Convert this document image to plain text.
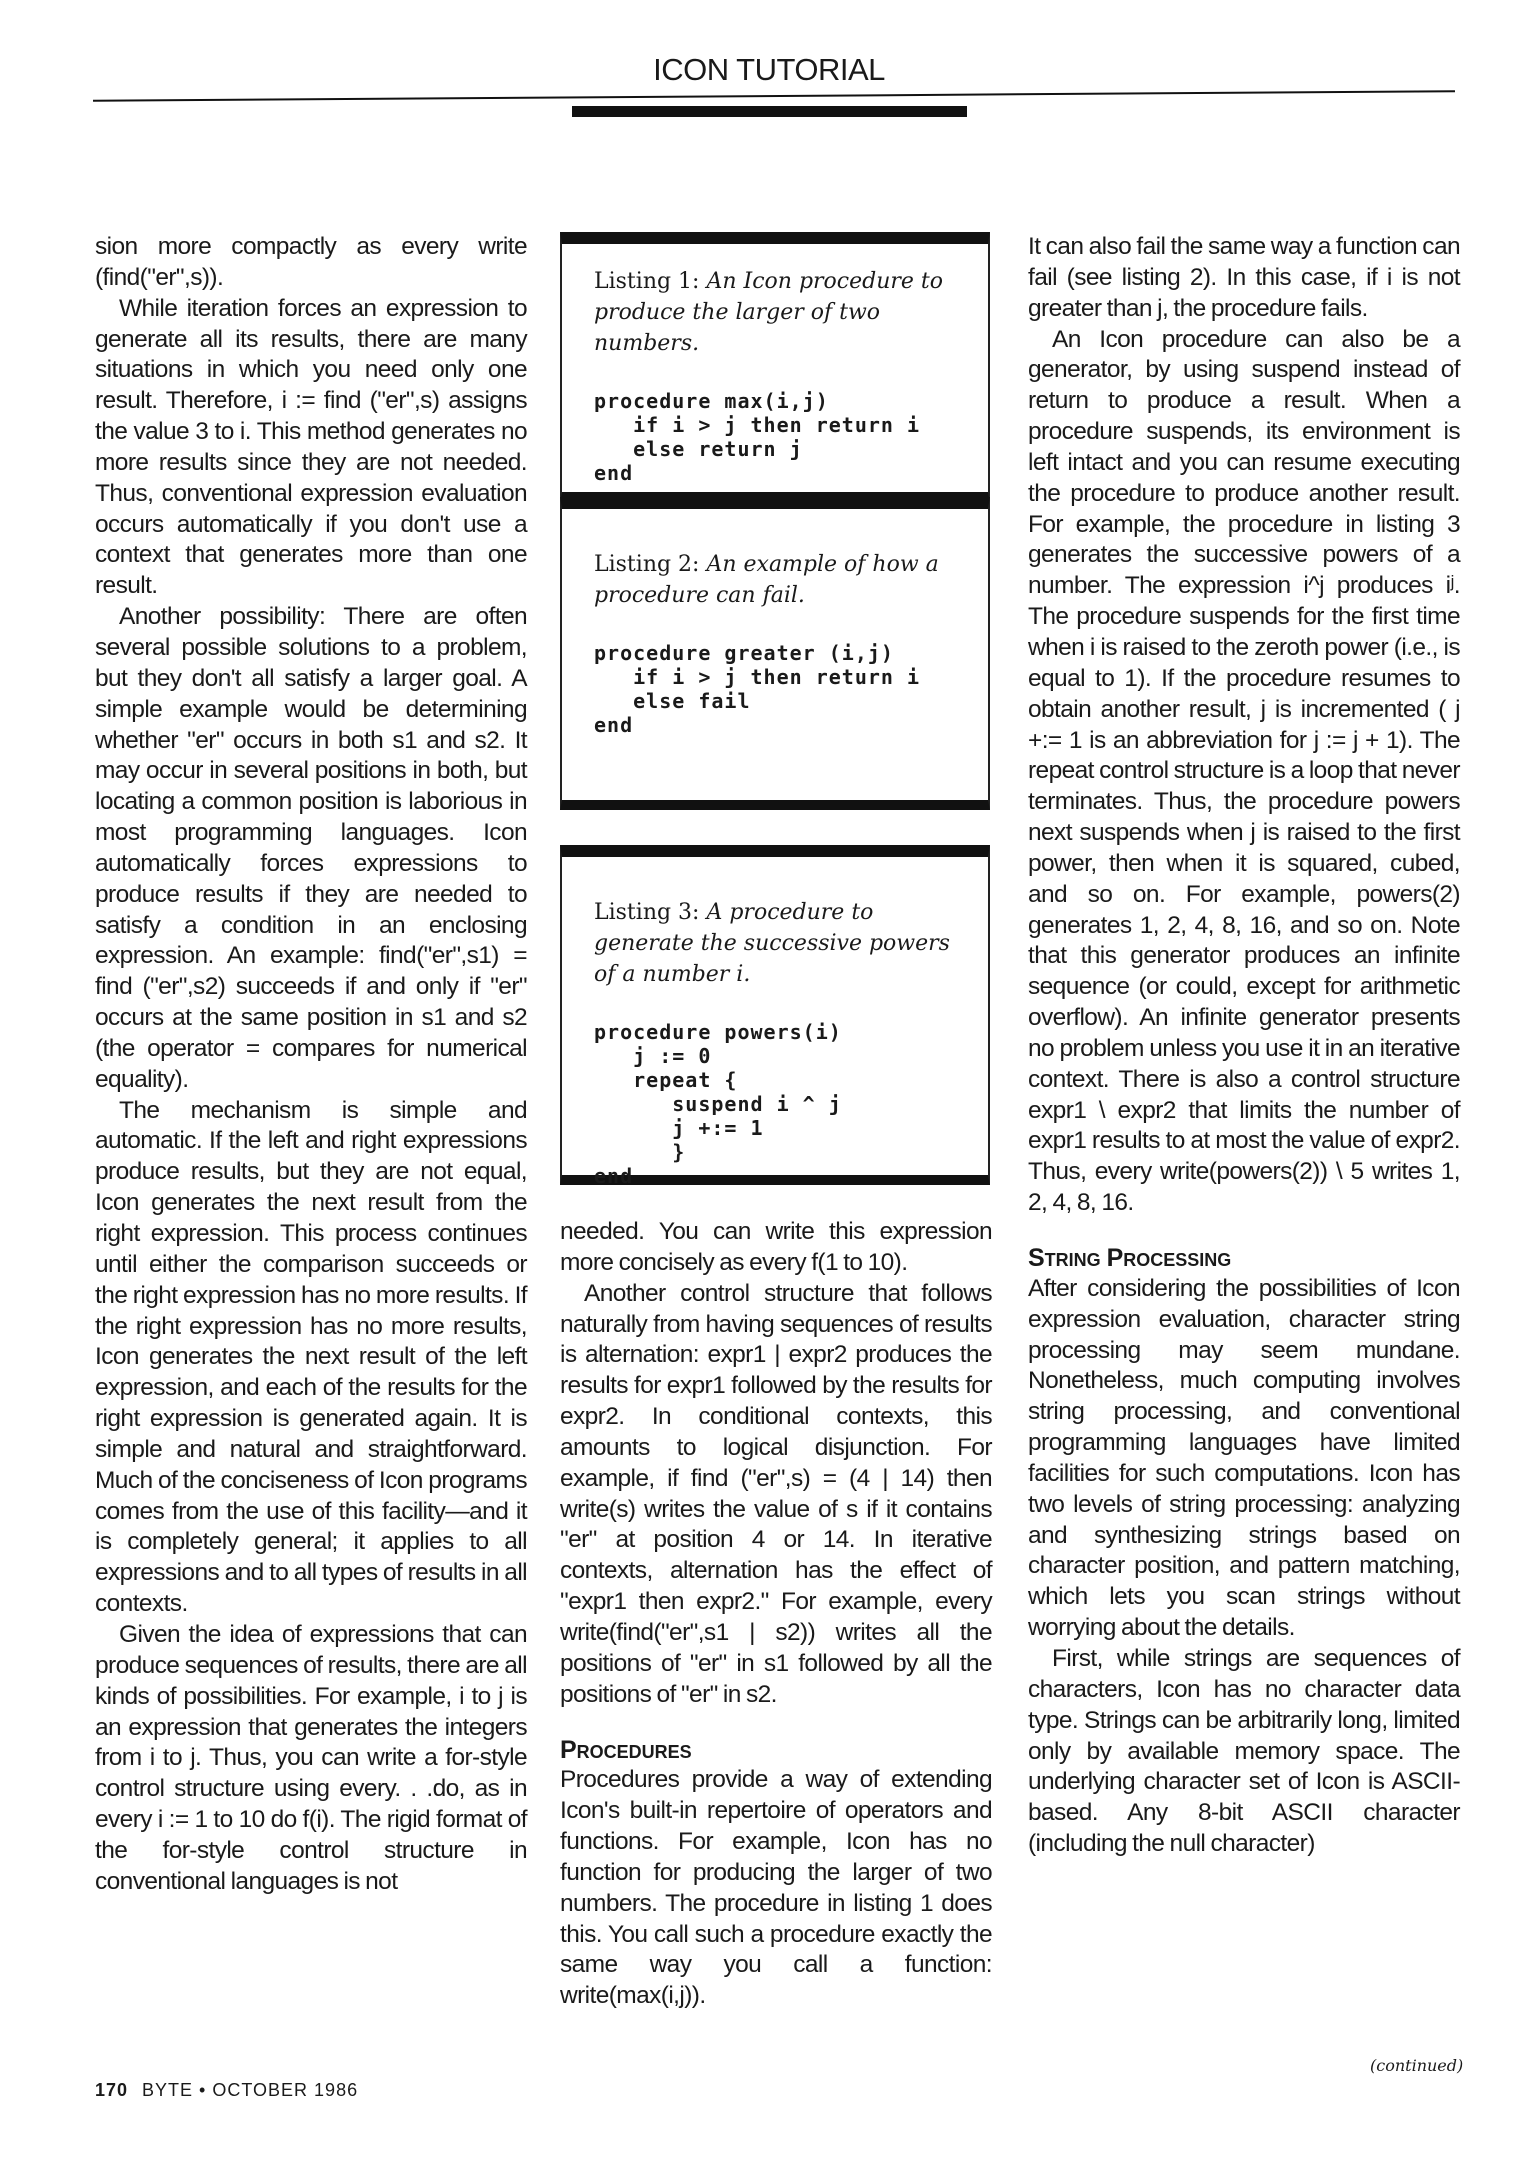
ICON TUTORIAL

sion more compactly as every write (find("er",s)).

While iteration forces an expression to generate all its results, there are many situations in which you need only one result. Therefore, i := find ("er",s) assigns the value 3 to i. This method generates no more results since they are not needed. Thus, conventional expression evaluation occurs automatically if you don't use a context that generates more than one result.

Another possibility: There are often several possible solutions to a problem, but they don't all satisfy a larger goal. A simple example would be determining whether "er" occurs in both s1 and s2. It may occur in several positions in both, but locating a common position is laborious in most programming languages. Icon automatically forces expressions to produce results if they are needed to satisfy a condition in an enclosing expression. An example: find("er",s1) = find ("er",s2) succeeds if and only if "er" occurs at the same position in s1 and s2 (the operator = compares for numerical equality).

The mechanism is simple and automatic. If the left and right expressions produce results, but they are not equal, Icon generates the next result from the right expression. This process continues until either the comparison succeeds or the right expression has no more results. If the right expression has no more results, Icon generates the next result of the left expression, and each of the results for the right expression is generated again. It is simple and natural and straightforward. Much of the conciseness of Icon programs comes from the use of this facility—and it is completely general; it applies to all expressions and to all types of results in all contexts.

Given the idea of expressions that can produce sequences of results, there are all kinds of possibilities. For example, i to j is an expression that generates the integers from i to j. Thus, you can write a for-style control structure using every. . .do, as in every i := 1 to 10 do f(i). The rigid format of the for-style control structure in conventional languages is not

Listing 1: An Icon procedure to produce the larger of two numbers.
procedure max(i,j)
if i > j then return i
else return j
end
Listing 2: An example of how a procedure can fail.
procedure greater (i,j)
if i > j then return i
else fail
end
Listing 3: A procedure to generate the successive powers of a number i.
procedure powers(i)
j := 0
repeat {
suspend i ^ j
j +:= 1
}
end

needed. You can write this expression more concisely as every f(1 to 10).

Another control structure that follows naturally from having sequences of results is alternation: expr1 | expr2 produces the results for expr1 followed by the results for expr2. In conditional contexts, this amounts to logical disjunction. For example, if find ("er",s) = (4 | 14) then write(s) writes the value of s if it contains "er" at position 4 or 14. In iterative contexts, alternation has the effect of "expr1 then expr2." For example, every write(find("er",s1 | s2)) writes all the positions of "er" in s1 followed by all the positions of "er" in s2.

Procedures

Procedures provide a way of extending Icon's built-in repertoire of operators and functions. For example, Icon has no function for producing the larger of two numbers. The procedure in listing 1 does this. You call such a procedure exactly the same way you call a function: write(max(i,j)).

It can also fail the same way a function can fail (see listing 2). In this case, if i is not greater than j, the procedure fails.

An Icon procedure can also be a generator, by using suspend instead of return to produce a result. When a procedure suspends, its environment is left intact and you can resume executing the procedure to produce another result. For example, the procedure in listing 3 generates the successive powers of a number. The expression i^j produces iʲ. The procedure suspends for the first time when i is raised to the zeroth power (i.e., is equal to 1). If the procedure resumes to obtain another result, j is incremented ( j +:= 1 is an abbreviation for j := j + 1). The repeat control structure is a loop that never terminates. Thus, the procedure powers next suspends when j is raised to the first power, then when it is squared, cubed, and so on. For example, powers(2) generates 1, 2, 4, 8, 16, and so on. Note that this generator produces an infinite sequence (or could, except for arithmetic overflow). An infinite generator presents no problem unless you use it in an iterative context. There is also a control structure expr1 \ expr2 that limits the number of expr1 results to at most the value of expr2. Thus, every write(powers(2)) \ 5 writes 1, 2, 4, 8, 16.

String Processing

After considering the possibilities of Icon expression evaluation, character string processing may seem mundane. Nonetheless, much computing involves string processing, and conventional programming languages have limited facilities for such computations. Icon has two levels of string processing: analyzing and synthesizing strings based on character position, and pattern matching, which lets you scan strings without worrying about the details.

First, while strings are sequences of characters, Icon has no character data type. Strings can be arbitrarily long, limited only by available memory space. The underlying character set of Icon is ASCII-based. Any 8-bit ASCII character (including the null character)

(continued)
170 BYTE • OCTOBER 1986
